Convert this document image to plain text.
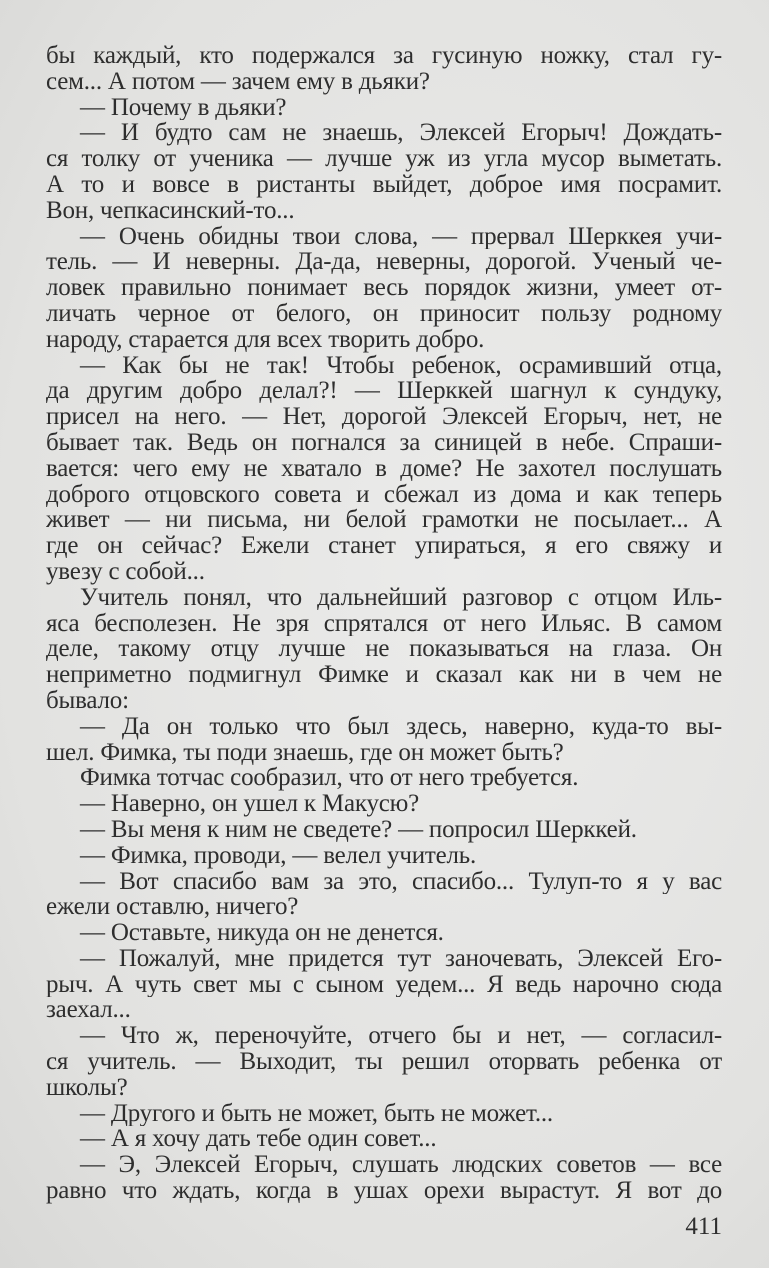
бы каждый, кто подержался за гусиную ножку, стал гу-
сем... А потом — зачем ему в дьяки?
— Почему в дьяки?
— И будто сам не знаешь, Элексей Егорыч! Дождать-
ся толку от ученика — лучше уж из угла мусор выметать.
А то и вовсе в ристанты выйдет, доброе имя посрамит.
Вон, чепкасинский-то...
— Очень обидны твои слова, — прервал Шерккея учи-
тель. — И неверны. Да-да, неверны, дорогой. Ученый че-
ловек правильно понимает весь порядок жизни, умеет от-
личать черное от белого, он приносит пользу родному
народу, старается для всех творить добро.
— Как бы не так! Чтобы ребенок, осрамивший отца,
да другим добро делал?! — Шерккей шагнул к сундуку,
присел на него. — Нет, дорогой Элексей Егорыч, нет, не
бывает так. Ведь он погнался за синицей в небе. Спраши-
вается: чего ему не хватало в доме? Не захотел послушать
доброго отцовского совета и сбежал из дома и как теперь
живет — ни письма, ни белой грамотки не посылает... А
где он сейчас? Ежели станет упираться, я его свяжу и
увезу с собой...
Учитель понял, что дальнейший разговор с отцом Иль-
яса бесполезен. Не зря спрятался от него Ильяс. В самом
деле, такому отцу лучше не показываться на глаза. Он
неприметно подмигнул Фимке и сказал как ни в чем не
бывало:
— Да он только что был здесь, наверно, куда-то вы-
шел. Фимка, ты поди знаешь, где он может быть?
Фимка тотчас сообразил, что от него требуется.
— Наверно, он ушел к Макусю?
— Вы меня к ним не сведете? — попросил Шерккей.
— Фимка, проводи, — велел учитель.
— Вот спасибо вам за это, спасибо... Тулуп-то я у вас
ежели оставлю, ничего?
— Оставьте, никуда он не денется.
— Пожалуй, мне придется тут заночевать, Элексей Его-
рыч. А чуть свет мы с сыном уедем... Я ведь нарочно сюда
заехал...
— Что ж, переночуйте, отчего бы и нет, — согласил-
ся учитель. — Выходит, ты решил оторвать ребенка от
школы?
— Другого и быть не может, быть не может...
— А я хочу дать тебе один совет...
— Э, Элексей Егорыч, слушать людских советов — все
равно что ждать, когда в ушах орехи вырастут. Я вот до
411
